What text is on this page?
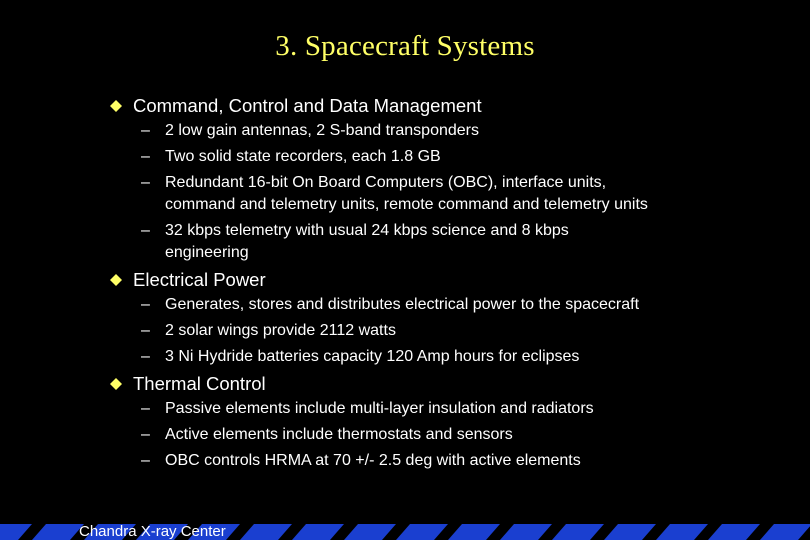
3. Spacecraft Systems
Command, Control and Data Management
– 2 low gain antennas, 2 S-band transponders
– Two solid state recorders, each 1.8 GB
– Redundant 16-bit On Board Computers (OBC), interface units,
command and telemetry units, remote command and telemetry units
– 32 kbps telemetry with usual 24 kbps science and 8 kbps
engineering
Electrical Power
– Generates, stores and distributes electrical power to the spacecraft
– 2 solar wings provide 2112 watts
– 3 Ni Hydride batteries capacity 120 Amp hours for eclipses
Thermal Control
– Passive elements include multi-layer insulation and radiators
– Active elements include thermostats and sensors
– OBC controls HRMA at 70 +/- 2.5 deg with active elements
Chandra X-ray Center
